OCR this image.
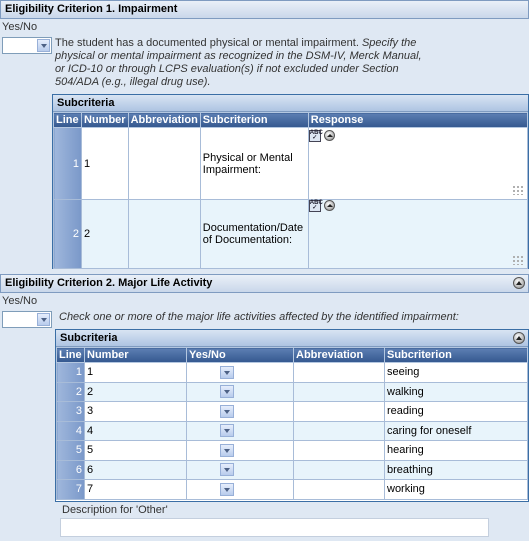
Eligibility Criterion 1. Impairment
Yes/No
The student has a documented physical or mental impairment. Specify the physical or mental impairment as recognized in the DSM-IV, Merck Manual, or ICD-10 or through LCPS evaluation(s) if not excluded under Section 504/ADA (e.g., illegal drug use).
Subcriteria
Line	Number	Abbreviation	Subcriterion	Response
1	1		Physical or Mental Impairment:	ABC
✓

2	2		Documentation/Date of Documentation:	ABC
✓
Eligibility Criterion 2. Major Life Activity
Yes/No
Check one or more of the major life activities affected by the identified impairment:
Subcriteria
Line	Number	Yes/No	Abbreviation	Subcriterion
1	1			seeing
2	2			walking
3	3			reading
4	4			caring for oneself
5	5			hearing
6	6			breathing
7	7			working
Description for 'Other'
